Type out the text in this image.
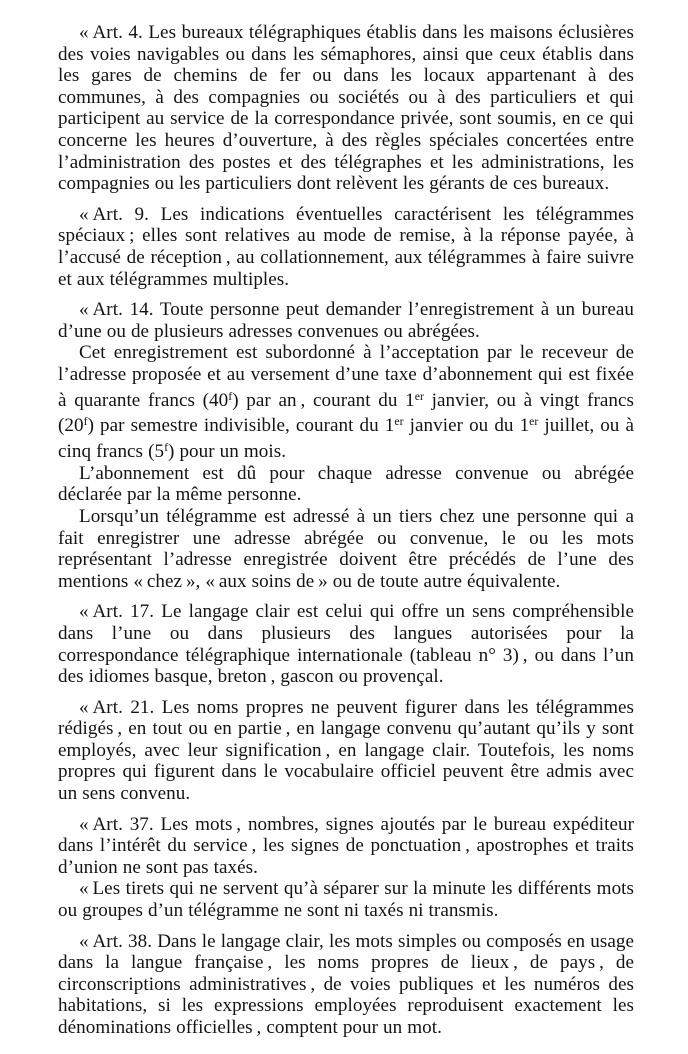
« Art. 4. Les bureaux télégraphiques établis dans les maisons éclusières des voies navigables ou dans les sémaphores, ainsi que ceux établis dans les gares de chemins de fer ou dans les locaux appartenant à des communes, à des compagnies ou sociétés ou à des particuliers et qui participent au service de la correspondance privée, sont soumis, en ce qui concerne les heures d’ouverture, à des règles spéciales concertées entre l’administration des postes et des télégraphes et les administrations, les compagnies ou les particuliers dont relèvent les gérants de ces bureaux.

« Art. 9. Les indications éventuelles caractérisent les télégrammes spéciaux ; elles sont relatives au mode de remise, à la réponse payée, à l’accusé de réception , au collationnement, aux télégrammes à faire suivre et aux télégrammes multiples.

« Art. 14. Toute personne peut demander l’enregistrement à un bureau d’une ou de plusieurs adresses convenues ou abrégées.

Cet enregistrement est subordonné à l’acceptation par le receveur de l’adresse proposée et au versement d’une taxe d’abonnement qui est fixée à quarante francs (40$^f$) par an , courant du 1er janvier, ou à vingt francs (20$^f$) par semestre indivisible, courant du 1er janvier ou du 1er juillet, ou à cinq francs (5$^f$) pour un mois.

L’abonnement est dû pour chaque adresse convenue ou abrégée déclarée par la même personne.

Lorsqu’un télégramme est adressé à un tiers chez une personne qui a fait enregistrer une adresse abrégée ou convenue, le ou les mots représentant l’adresse enregistrée doivent être précédés de l’une des mentions « chez », « aux soins de » ou de toute autre équivalente.

« Art. 17. Le langage clair est celui qui offre un sens compréhensible dans l’une ou dans plusieurs des langues autorisées pour la correspondance télégraphique internationale (tableau n° 3) , ou dans l’un des idiomes basque, breton , gascon ou provençal.

« Art. 21. Les noms propres ne peuvent figurer dans les télégrammes rédigés , en tout ou en partie , en langage convenu qu’autant qu’ils y sont employés, avec leur signification , en langage clair. Toutefois, les noms propres qui figurent dans le vocabulaire officiel peuvent être admis avec un sens convenu.

« Art. 37. Les mots , nombres, signes ajoutés par le bureau expéditeur dans l’intérêt du service , les signes de ponctuation , apostrophes et traits d’union ne sont pas taxés.

« Les tirets qui ne servent qu’à séparer sur la minute les différents mots ou groupes d’un télégramme ne sont ni taxés ni transmis.

« Art. 38. Dans le langage clair, les mots simples ou composés en usage dans la langue française , les noms propres de lieux , de pays , de circonscriptions administratives , de voies publiques et les numéros des habitations, si les expressions employées reproduisent exactement les dénominations officielles , comptent pour un mot.
